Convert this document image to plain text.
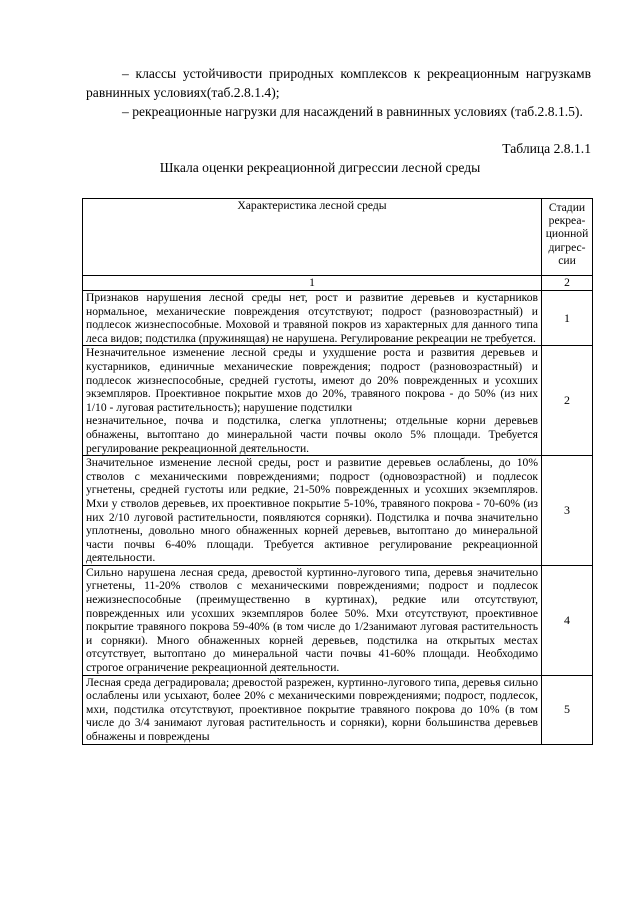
– классы устойчивости природных комплексов к рекреационным нагрузкамв равнинных условиях(таб.2.8.1.4);

– рекреационные нагрузки для насаждений в равнинных условиях (таб.2.8.1.5).

Таблица 2.8.1.1
Шкала оценки рекреационной дигрессии лесной среды
Характеристика лесной среды	Стадии рекреа-ционной дигрес-сии
1	2
Признаков нарушения лесной среды нет, рост и развитие деревьев и кустарников нормальное, механические повреждения отсутствуют; подрост (разновозрастный) и подлесок жизнеспособные. Моховой и травяной покров из характерных для данного типа леса видов; подстилка (пружинящая) не нарушена. Регулирование рекреации не требуется.	1
Незначительное изменение лесной среды и ухудшение роста и развития деревьев и кустарников, единичные механические повреждения; подрост (разновозрастный) и подлесок жизнеспособные, средней густоты, имеют до 20% поврежденных и усохших экземпляров. Проективное покрытие мхов до 20%, травяного покрова - до 50% (из них 1/10 - луговая растительность); нарушение подстилки
незначительное, почва и подстилка, слегка уплотнены; отдельные корни деревьев обнажены, вытоптано до минеральной части почвы около 5% площади. Требуется регулирование рекреационной деятельности.	2
Значительное изменение лесной среды, рост и развитие деревьев ослаблены, до 10% стволов с механическими повреждениями; подрост (одновозрастной) и подлесок угнетены, средней густоты или редкие, 21-50% поврежденных и усохших экземпляров. Мхи у стволов деревьев, их проективное покрытие 5-10%, травяного покрова - 70-60% (из них 2/10 луговой растительности, появляются сорняки). Подстилка и почва значительно уплотнены, довольно много обнаженных корней деревьев, вытоптано до минеральной части почвы 6-40% площади. Требуется активное регулирование рекреационной деятельности.	3
Сильно нарушена лесная среда, древостой куртинно-лугового типа, деревья значительно угнетены, 11-20% стволов с механическими повреждениями; подрост и подлесок нежизнеспособные (преимущественно в куртинах), редкие или отсутствуют, поврежденных или усохших экземпляров более 50%. Мхи отсутствуют, проективное покрытие травяного покрова 59-40% (в том числе до 1/2занимают луговая растительность и сорняки). Много обнаженных корней деревьев, подстилка на открытых местах отсутствует, вытоптано до минеральной части почвы 41-60% площади. Необходимо строгое ограничение рекреационной деятельности.	4
Лесная среда деградировала; древостой разрежен, куртинно-лугового типа, деревья сильно ослаблены или усыхают, более 20% с механическими повреждениями; подрост, подлесок, мхи, подстилка отсутствуют, проективное покрытие травяного покрова до 10% (в том числе до 3/4 занимают луговая растительность и сорняки), корни большинства деревьев обнажены и повреждены	5
